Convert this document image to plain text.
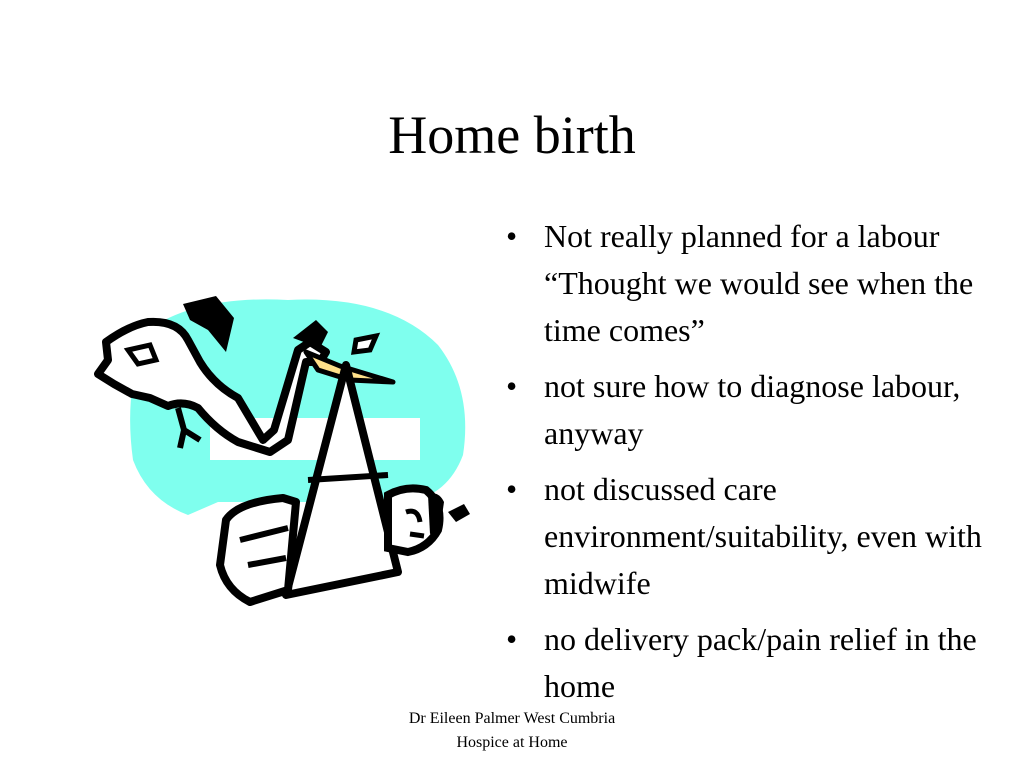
Home birth
• Not really planned for a labour “Thought we would see when the time comes”
• not sure how to diagnose labour, anyway
• not discussed care environment/suitability, even with midwife
• no delivery pack/pain relief in the home
Dr Eileen Palmer West Cumbria
Hospice at Home
